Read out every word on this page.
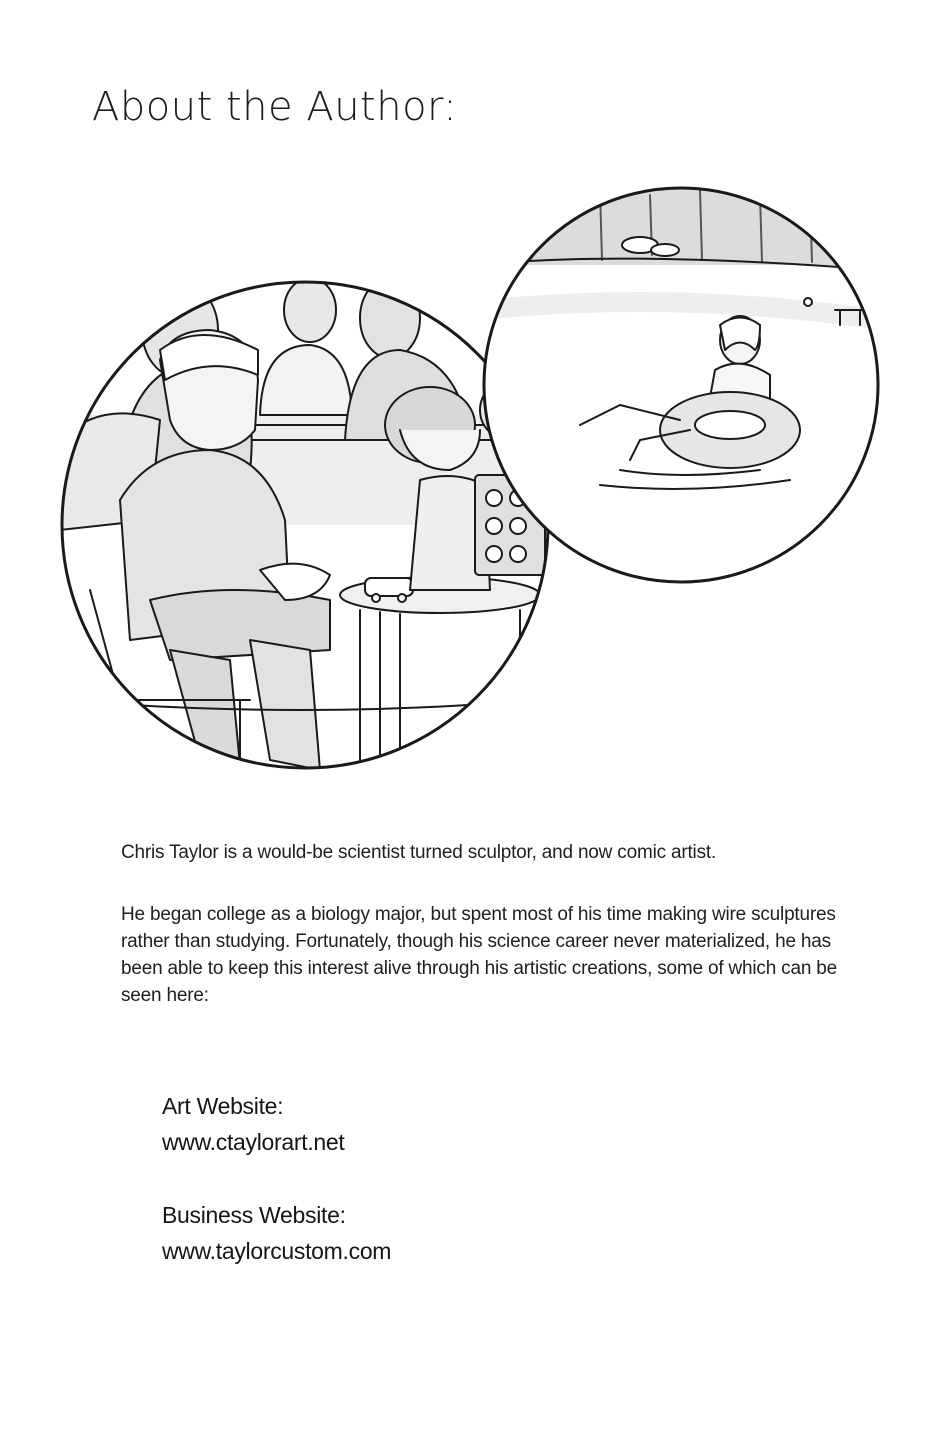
About the Author:

Chris Taylor is a would-be scientist turned sculptor, and now comic artist.

He began college as a biology major, but spent most of his time making wire sculptures rather than studying. Fortunately, though his science career never materialized, he has been able to keep this interest alive through his artistic creations, some of which can be seen here:

Art Website:
www.ctaylorart.net
Business Website:
www.taylorcustom.com
